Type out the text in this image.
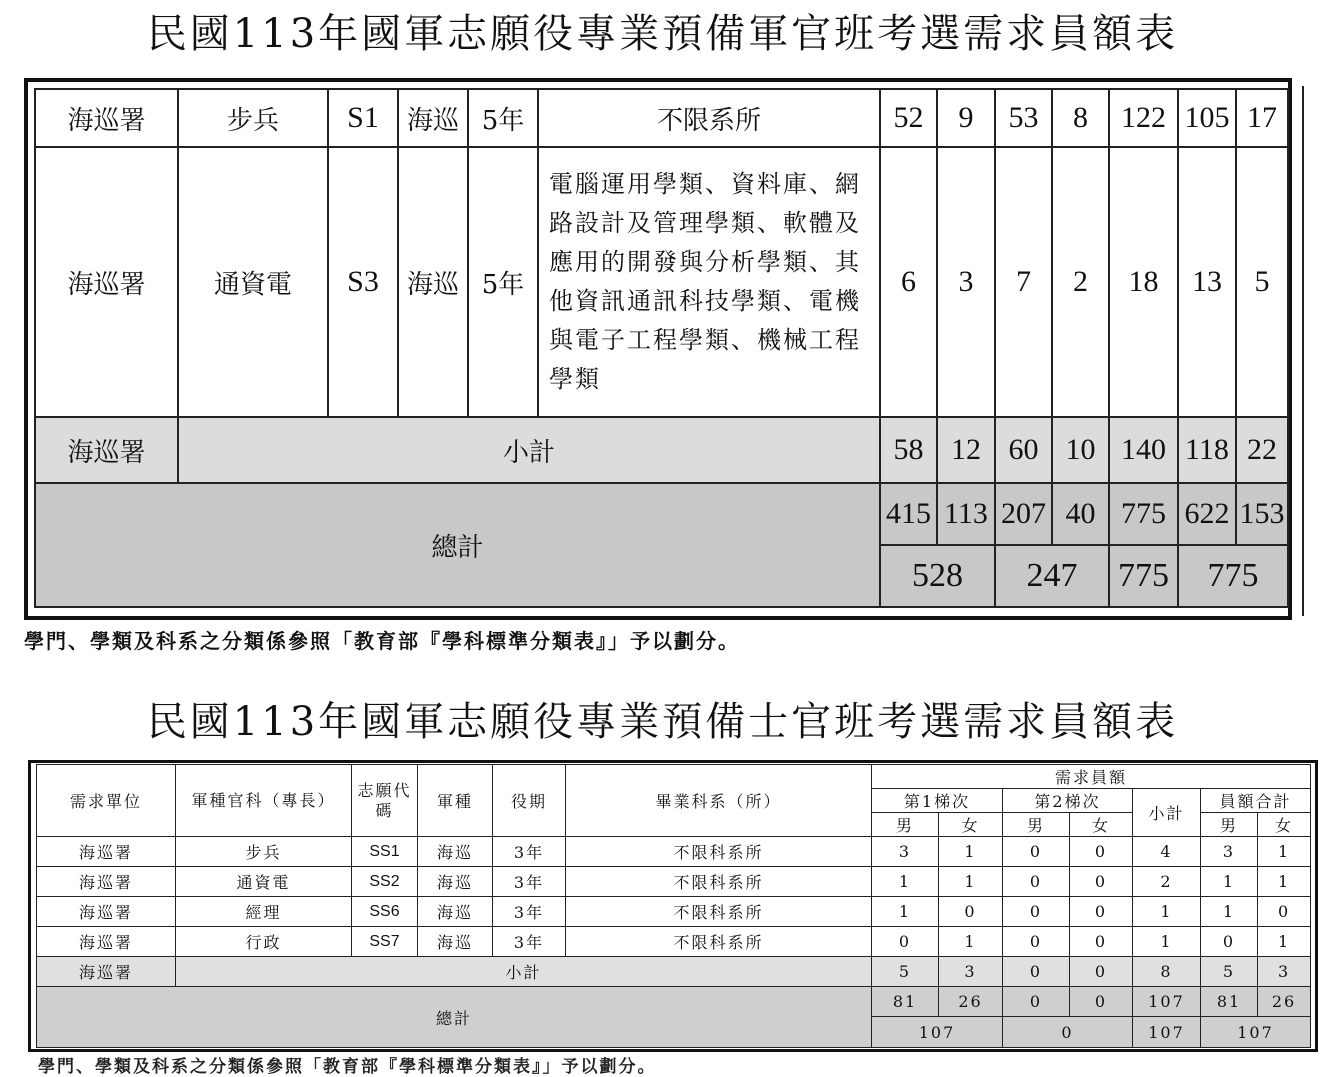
民國113年國軍志願役專業預備軍官班考選需求員額表
海巡署	步兵	S1	海巡	5年	不限系所	52	9	53	8	122	105	17
海巡署	通資電	S3	海巡	5年	電腦運用學類、資料庫、網路設計及管理學類、軟體及應用的開發與分析學類、其他資訊通訊科技學類、電機與電子工程學類、機械工程學類	6	3	7	2	18	13	5
海巡署	小計					58	12	60	10	140	118	22
總計						415	113	207	40	775	622	153
						528		247		775	775	

學門、學類及科系之分類係參照「教育部『學科標準分類表』」予以劃分。

民國113年國軍志願役專業預備士官班考選需求員額表
需求單位	軍種官科（專長）	志願代碼	軍種	役期	畢業科系（所）	需求員額						
						第1梯次		第2梯次		小計	員額合計	
						男	女	男	女		男	女
海巡署	步兵	SS1	海巡	3年	不限科系所	3	1	0	0	4	3	1
海巡署	通資電	SS2	海巡	3年	不限科系所	1	1	0	0	2	1	1
海巡署	經理	SS6	海巡	3年	不限科系所	1	0	0	0	1	1	0
海巡署	行政	SS7	海巡	3年	不限科系所	0	1	0	0	1	0	1
海巡署	小計					5	3	0	0	8	5	3
總計						81	26	0	0	107	81	26
						107		0		107	107	

學門、學類及科系之分類係參照「教育部『學科標準分類表』」予以劃分。
